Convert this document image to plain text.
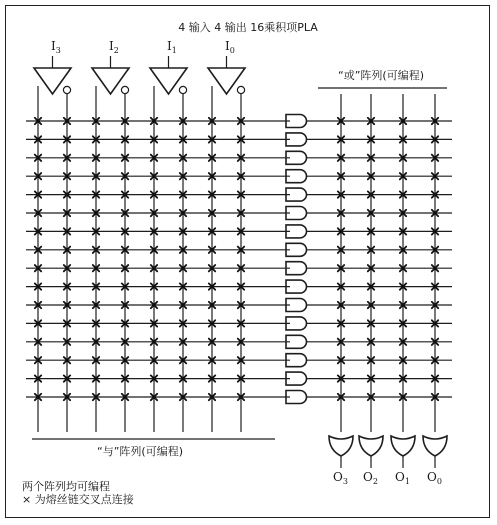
4 输入 4 输出 16乘积项PLA
$I_3$	$I_2$	$I_1$	$I_0$
“或”阵列(可编程)
$O_3$ $O_2$ $O_1$ $O_0$
“与”阵列(可编程)
两个阵列均可编程
× 为熔丝链交叉点连接
